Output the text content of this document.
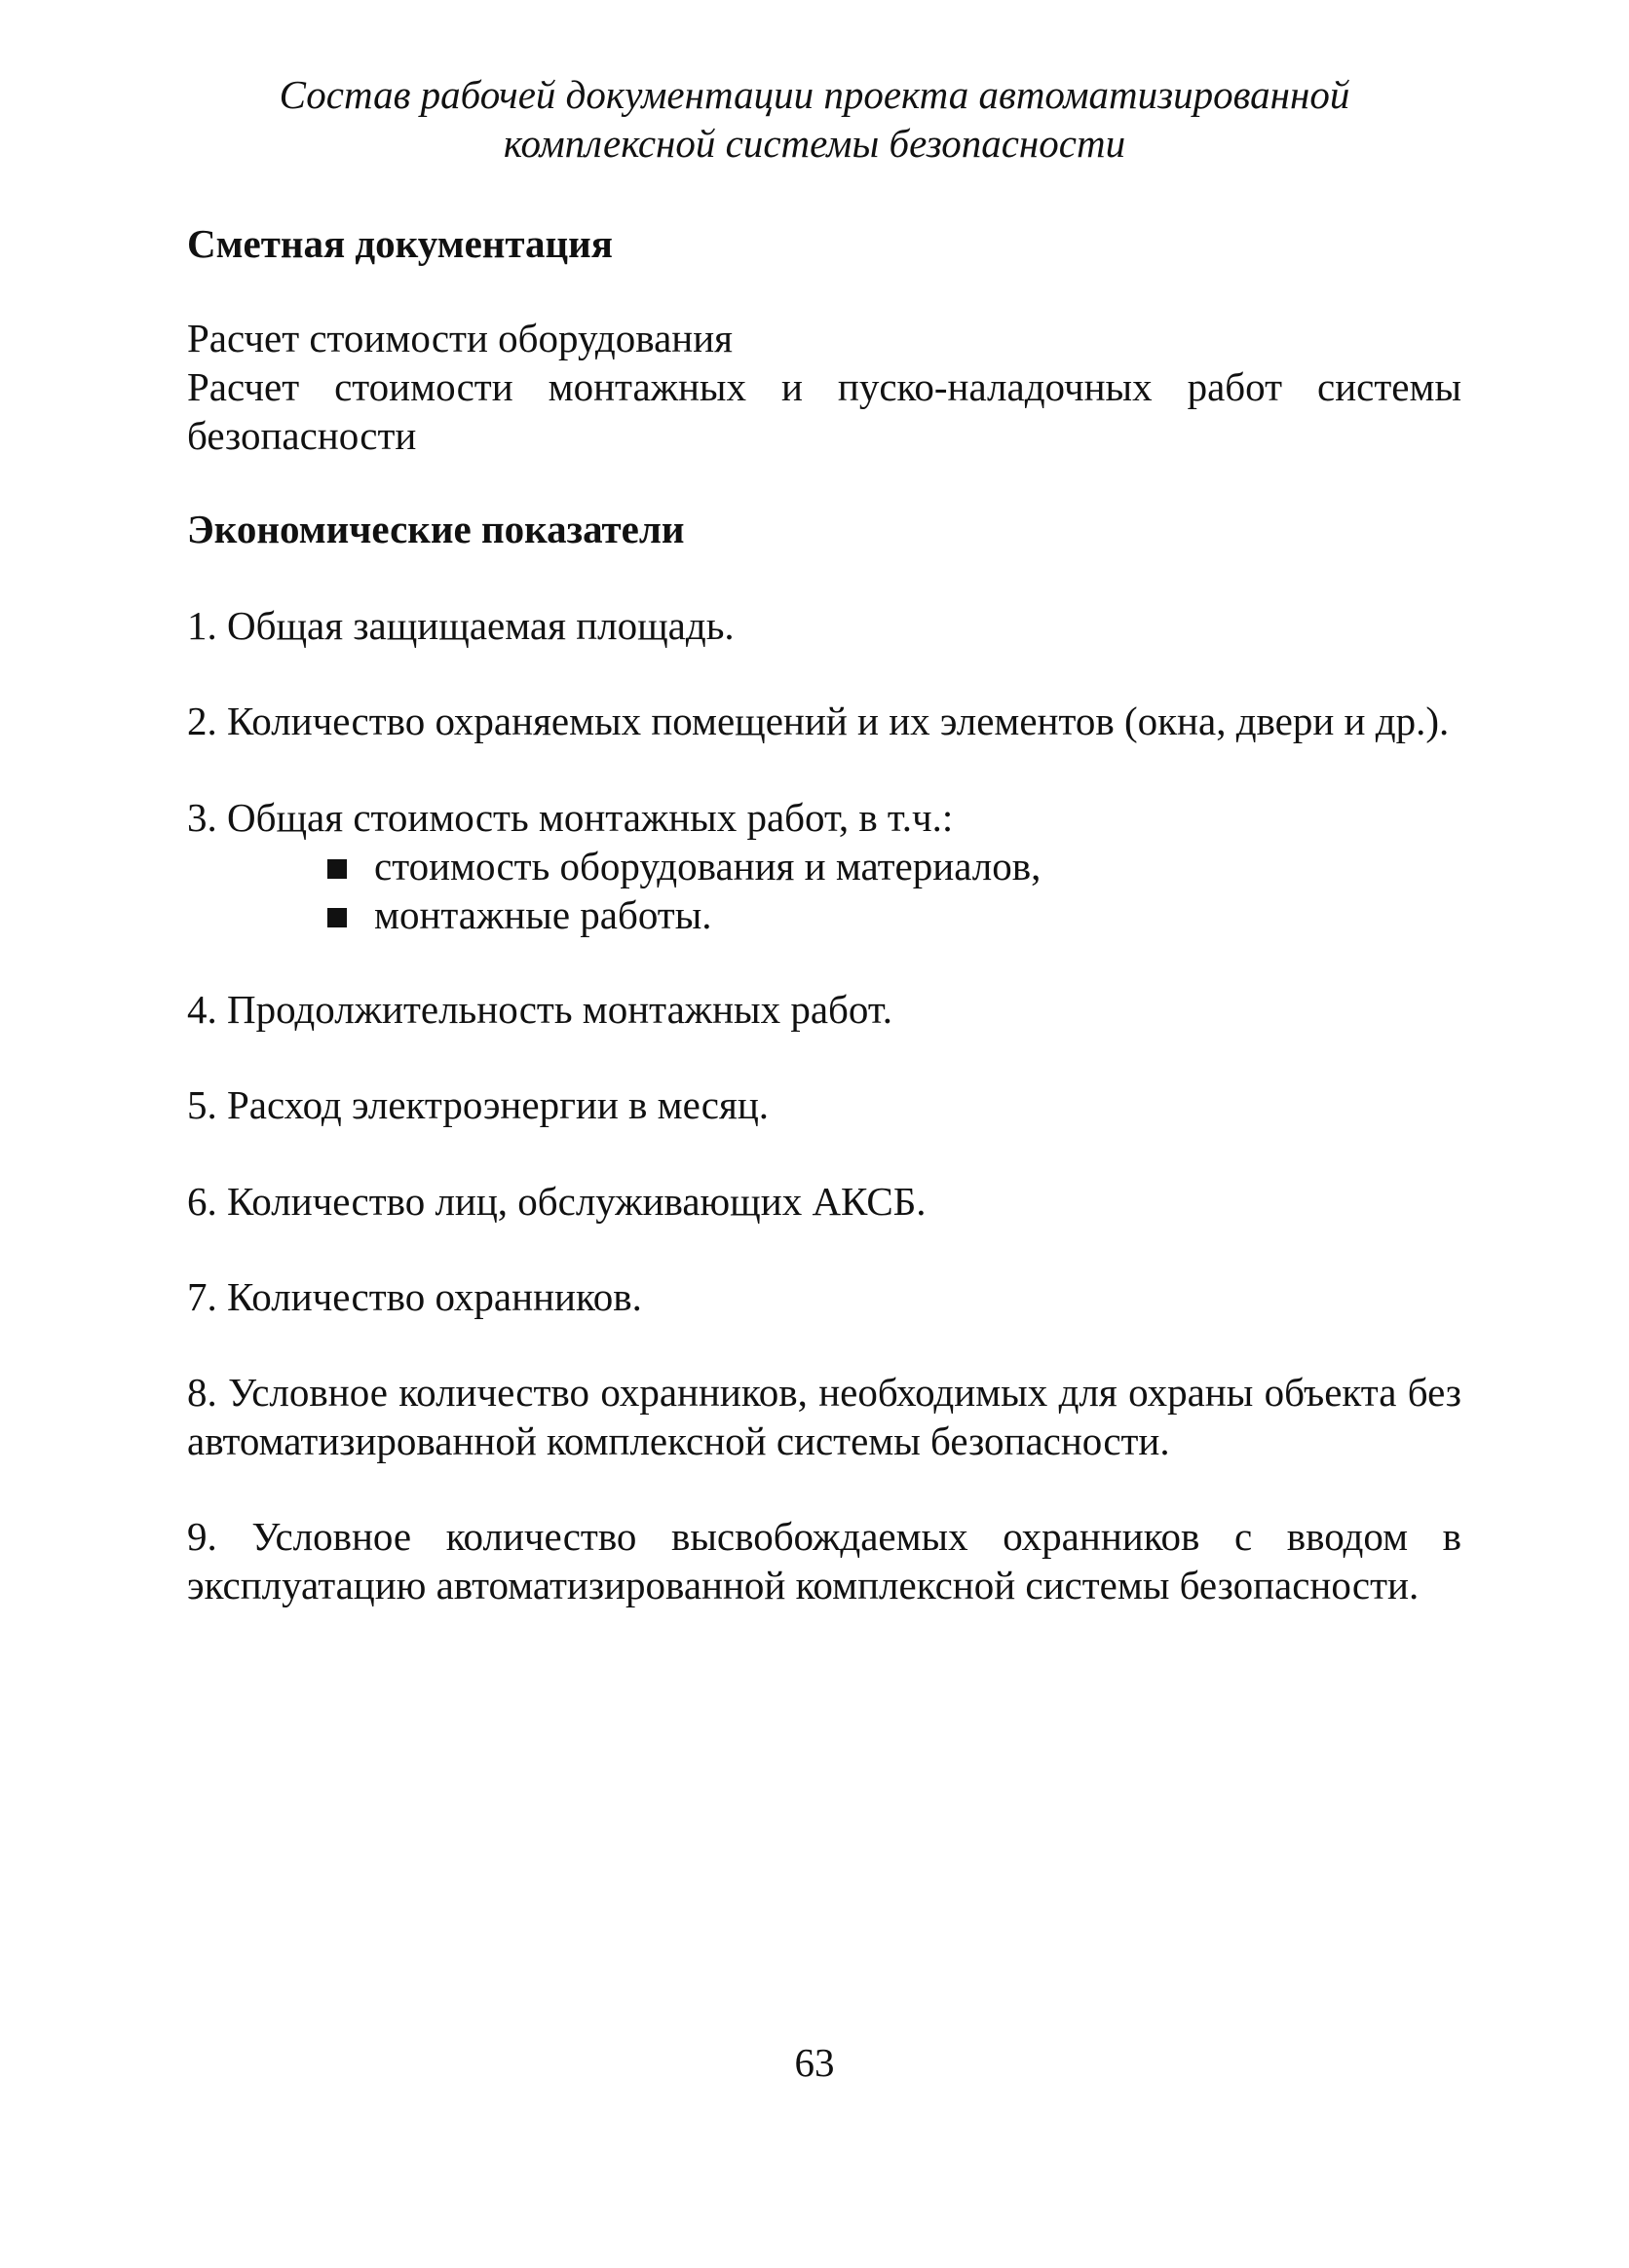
Состав рабочей документации проекта автоматизированной
комплексной системы безопасности
Сметная документация
Расчет стоимости оборудования
Расчет стоимости монтажных и пуско-наладочных работ системы безопасности
Экономические показатели
1. Общая защищаемая площадь.
2. Количество охраняемых помещений и их элементов (окна, двери и др.).
3. Общая стоимость монтажных работ, в т.ч.:
стоимость оборудования и материалов,
монтажные работы.
4. Продолжительность монтажных работ.
5. Расход электроэнергии в месяц.
6. Количество лиц, обслуживающих АКСБ.
7. Количество охранников.
8. Условное количество охранников, необходимых для охраны объекта без автоматизированной комплексной системы безопасности.
9. Условное количество высвобождаемых охранников с вводом в эксплуатацию автоматизированной комплексной системы безопасности.
63
